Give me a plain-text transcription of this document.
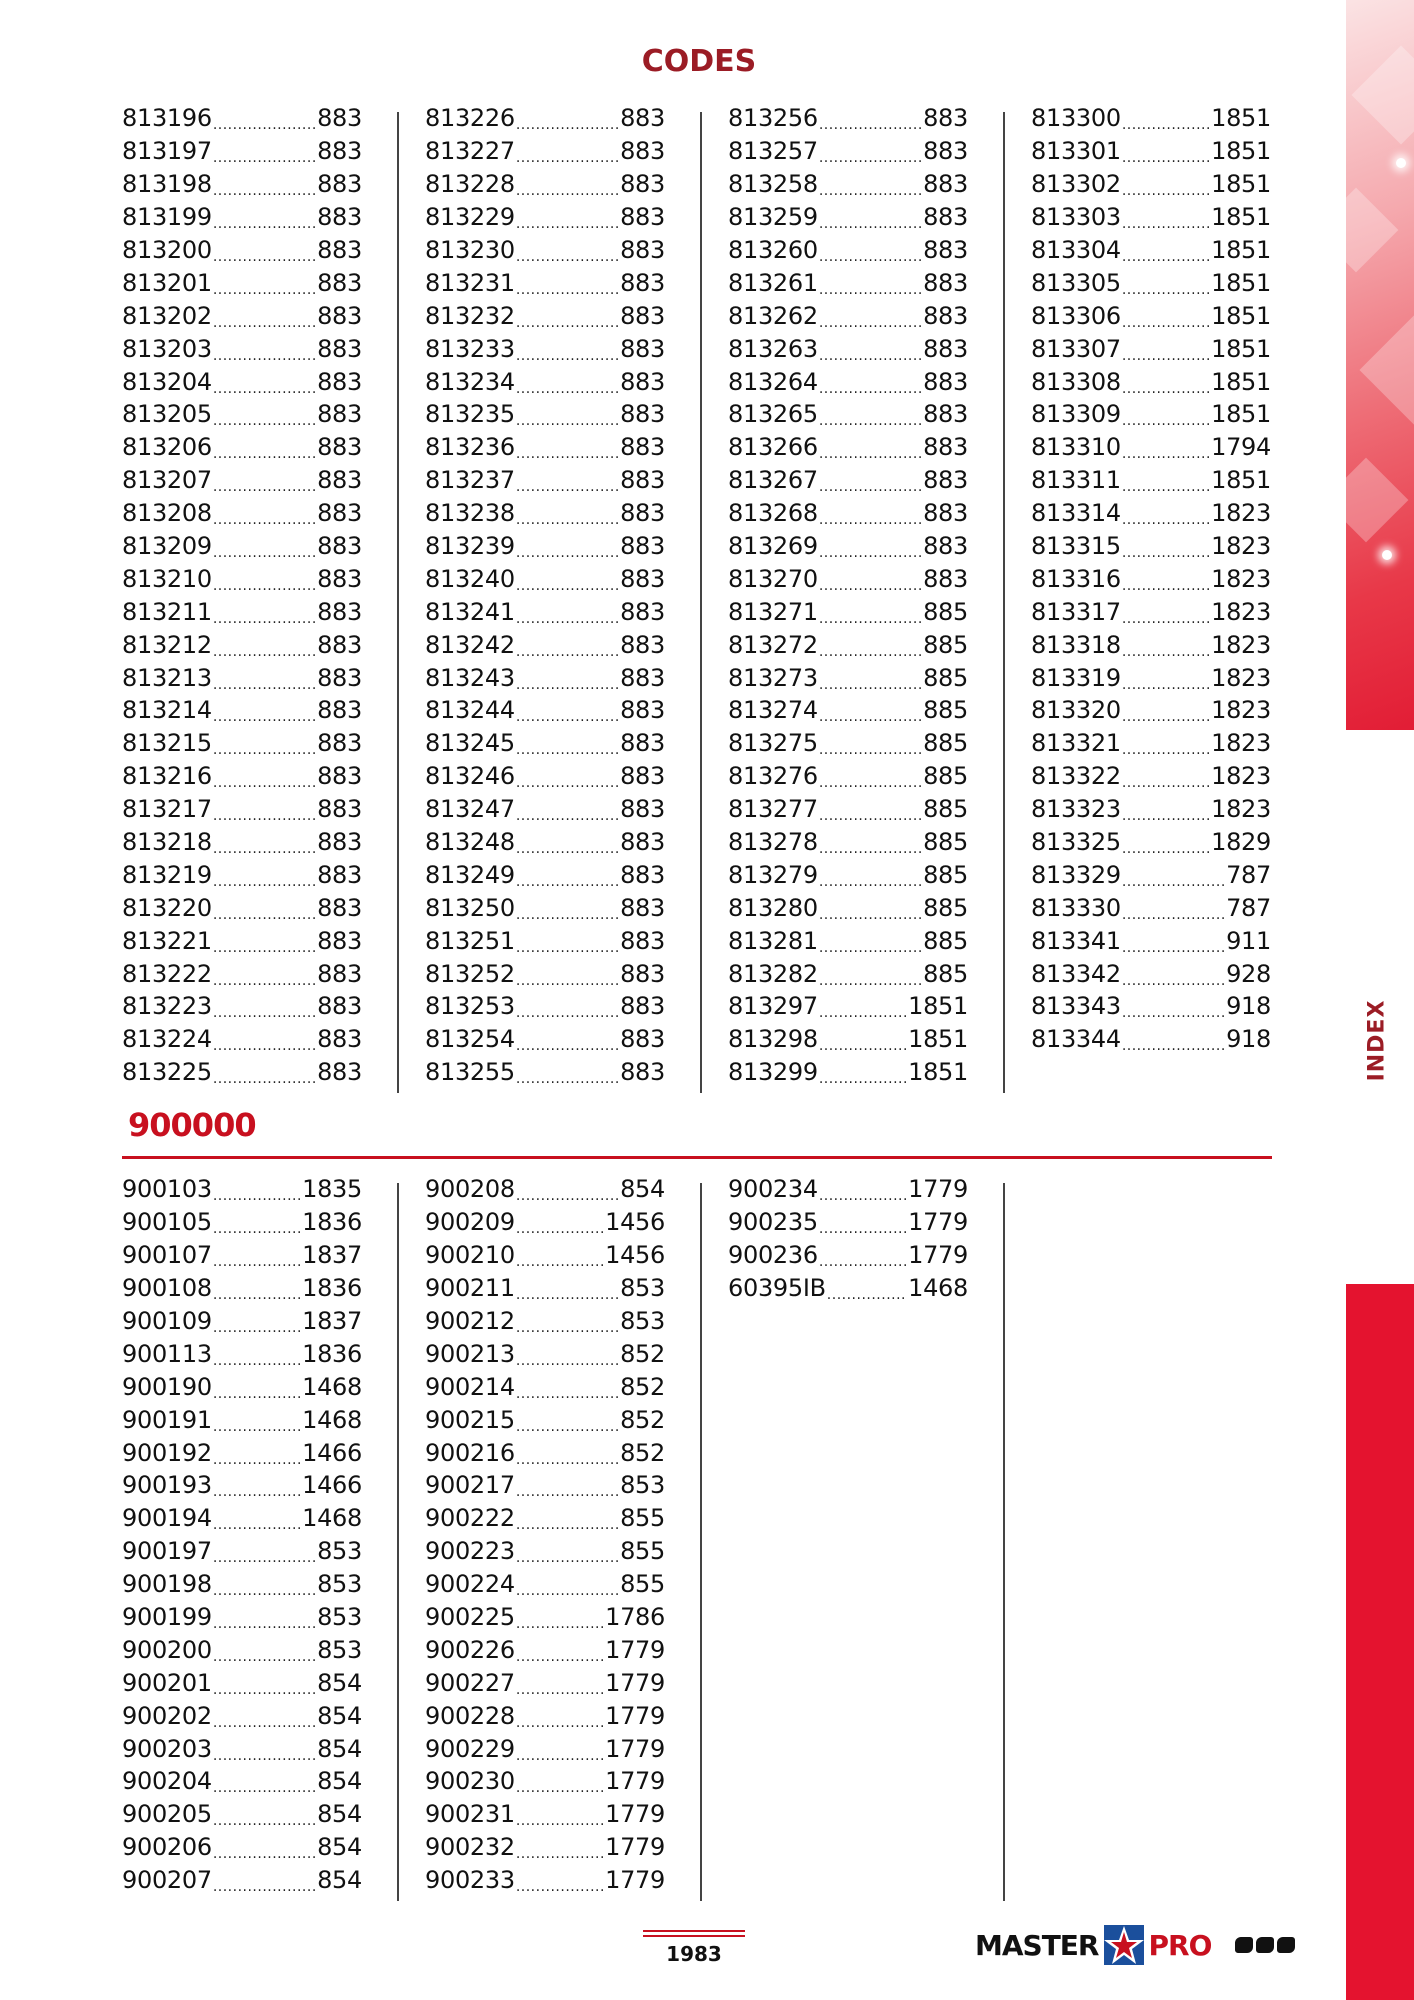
INDEX
CODES
813196 .....	883
813197 .....	883
813198 .....	883
813199 .....	883
813200 .....	883
813201 .....	883
813202 .....	883
813203 .....	883
813204 .....	883
813205 .....	883
813206 .....	883
813207 .....	883
813208 .....	883
813209 .....	883
813210 .....	883
813211 .....	883
813212 .....	883
813213 .....	883
813214 .....	883
813215 .....	883
813216 .....	883
813217 .....	883
813218 .....	883
813219 .....	883
813220 .....	883
813221 .....	883
813222 .....	883
813223 .....	883
813224 .....	883
813225 .....	883
813226 .....	883
813227 .....	883
813228 .....	883
813229 .....	883
813230 .....	883
813231 .....	883
813232 .....	883
813233 .....	883
813234 .....	883
813235 .....	883
813236 .....	883
813237 .....	883
813238 .....	883
813239 .....	883
813240 .....	883
813241 .....	883
813242 .....	883
813243 .....	883
813244 .....	883
813245 .....	883
813246 .....	883
813247 .....	883
813248 .....	883
813249 .....	883
813250 .....	883
813251 .....	883
813252 .....	883
813253 .....	883
813254 .....	883
813255 .....	883
813256 .....	883
813257 .....	883
813258 .....	883
813259 .....	883
813260 .....	883
813261 .....	883
813262 .....	883
813263 .....	883
813264 .....	883
813265 .....	883
813266 .....	883
813267 .....	883
813268 .....	883
813269 .....	883
813270 .....	883
813271 .....	885
813272 .....	885
813273 .....	885
813274 .....	885
813275 .....	885
813276 .....	885
813277 .....	885
813278 .....	885
813279 .....	885
813280 .....	885
813281 .....	885
813282 .....	885
813297 .....	1851
813298 .....	1851
813299 .....	1851
813300 .....	1851
813301 .....	1851
813302 .....	1851
813303 .....	1851
813304 .....	1851
813305 .....	1851
813306 .....	1851
813307 .....	1851
813308 .....	1851
813309 .....	1851
813310 .....	1794
813311 .....	1851
813314 .....	1823
813315 .....	1823
813316 .....	1823
813317 .....	1823
813318 .....	1823
813319 .....	1823
813320 .....	1823
813321 .....	1823
813322 .....	1823
813323 .....	1823
813325 .....	1829
813329 .....	787
813330 .....	787
813341 .....	911
813342 .....	928
813343 .....	918
813344 .....	918
900000
900103 .....	1835
900105 .....	1836
900107 .....	1837
900108 .....	1836
900109 .....	1837
900113 .....	1836
900190 .....	1468
900191 .....	1468
900192 .....	1466
900193 .....	1466
900194 .....	1468
900197 .....	853
900198 .....	853
900199 .....	853
900200 .....	853
900201 .....	854
900202 .....	854
900203 .....	854
900204 .....	854
900205 .....	854
900206 .....	854
900207 .....	854
900208 .....	854
900209 .....	1456
900210 .....	1456
900211 .....	853
900212 .....	853
900213 .....	852
900214 .....	852
900215 .....	852
900216 .....	852
900217 .....	853
900222 .....	855
900223 .....	855
900224 .....	855
900225 .....	1786
900226 .....	1779
900227 .....	1779
900228 .....	1779
900229 .....	1779
900230 .....	1779
900231 .....	1779
900232 .....	1779
900233 .....	1779
900234 .....	1779
900235 .....	1779
900236 .....	1779
60395IB .....	1468
1983	MASTER PRO
